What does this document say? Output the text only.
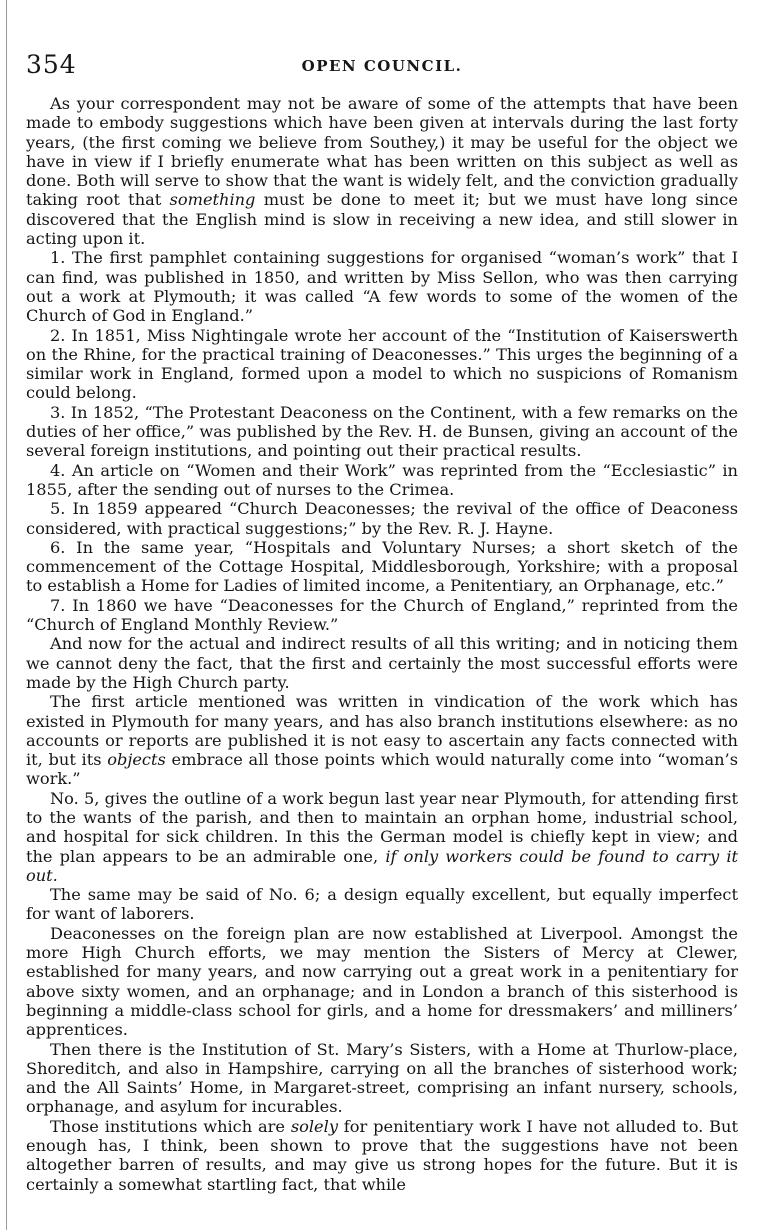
354	OPEN COUNCIL.

As your correspondent may not be aware of some of the attempts that have been made to embody suggestions which have been given at intervals during the last forty years, (the first coming we believe from Southey,) it may be useful for the object we have in view if I briefly enumerate what has been written on this subject as well as done. Both will serve to show that the want is widely felt, and the conviction gradually taking root that something must be done to meet it; but we must have long since discovered that the English mind is slow in receiving a new idea, and still slower in acting upon it.

1. The first pamphlet containing suggestions for organised “woman’s work” that I can find, was published in 1850, and written by Miss Sellon, who was then carrying out a work at Plymouth; it was called “A few words to some of the women of the Church of God in England.”

2. In 1851, Miss Nightingale wrote her account of the “Institution of Kaiserswerth on the Rhine, for the practical training of Deaconesses.” This urges the beginning of a similar work in England, formed upon a model to which no suspicions of Romanism could belong.

3. In 1852, “The Protestant Deaconess on the Continent, with a few remarks on the duties of her office,” was published by the Rev. H. de Bunsen, giving an account of the several foreign institutions, and pointing out their practical results.

4. An article on “Women and their Work” was reprinted from the “Ecclesiastic” in 1855, after the sending out of nurses to the Crimea.

5. In 1859 appeared “Church Deaconesses; the revival of the office of Deaconess considered, with practical suggestions;” by the Rev. R. J. Hayne.

6. In the same year, “Hospitals and Voluntary Nurses; a short sketch of the commencement of the Cottage Hospital, Middlesborough, Yorkshire; with a proposal to establish a Home for Ladies of limited income, a Penitentiary, an Orphanage, etc.”

7. In 1860 we have “Deaconesses for the Church of England,” reprinted from the “Church of England Monthly Review.”

And now for the actual and indirect results of all this writing; and in noticing them we cannot deny the fact, that the first and certainly the most successful efforts were made by the High Church party.

The first article mentioned was written in vindication of the work which has existed in Plymouth for many years, and has also branch institutions elsewhere: as no accounts or reports are published it is not easy to ascertain any facts connected with it, but its objects embrace all those points which would naturally come into “woman’s work.”

No. 5, gives the outline of a work begun last year near Plymouth, for attending first to the wants of the parish, and then to maintain an orphan home, industrial school, and hospital for sick children. In this the German model is chiefly kept in view; and the plan appears to be an admirable one, if only workers could be found to carry it out.

The same may be said of No. 6; a design equally excellent, but equally imperfect for want of laborers.

Deaconesses on the foreign plan are now established at Liverpool. Amongst the more High Church efforts, we may mention the Sisters of Mercy at Clewer, established for many years, and now carrying out a great work in a penitentiary for above sixty women, and an orphanage; and in London a branch of this sisterhood is beginning a middle-class school for girls, and a home for dressmakers’ and milliners’ apprentices.

Then there is the Institution of St. Mary’s Sisters, with a Home at Thurlow-place, Shoreditch, and also in Hampshire, carrying on all the branches of sisterhood work; and the All Saints’ Home, in Margaret-street, comprising an infant nursery, schools, orphanage, and asylum for incurables.

Those institutions which are solely for penitentiary work I have not alluded to. But enough has, I think, been shown to prove that the suggestions have not been altogether barren of results, and may give us strong hopes for the future. But it is certainly a somewhat startling fact, that while
